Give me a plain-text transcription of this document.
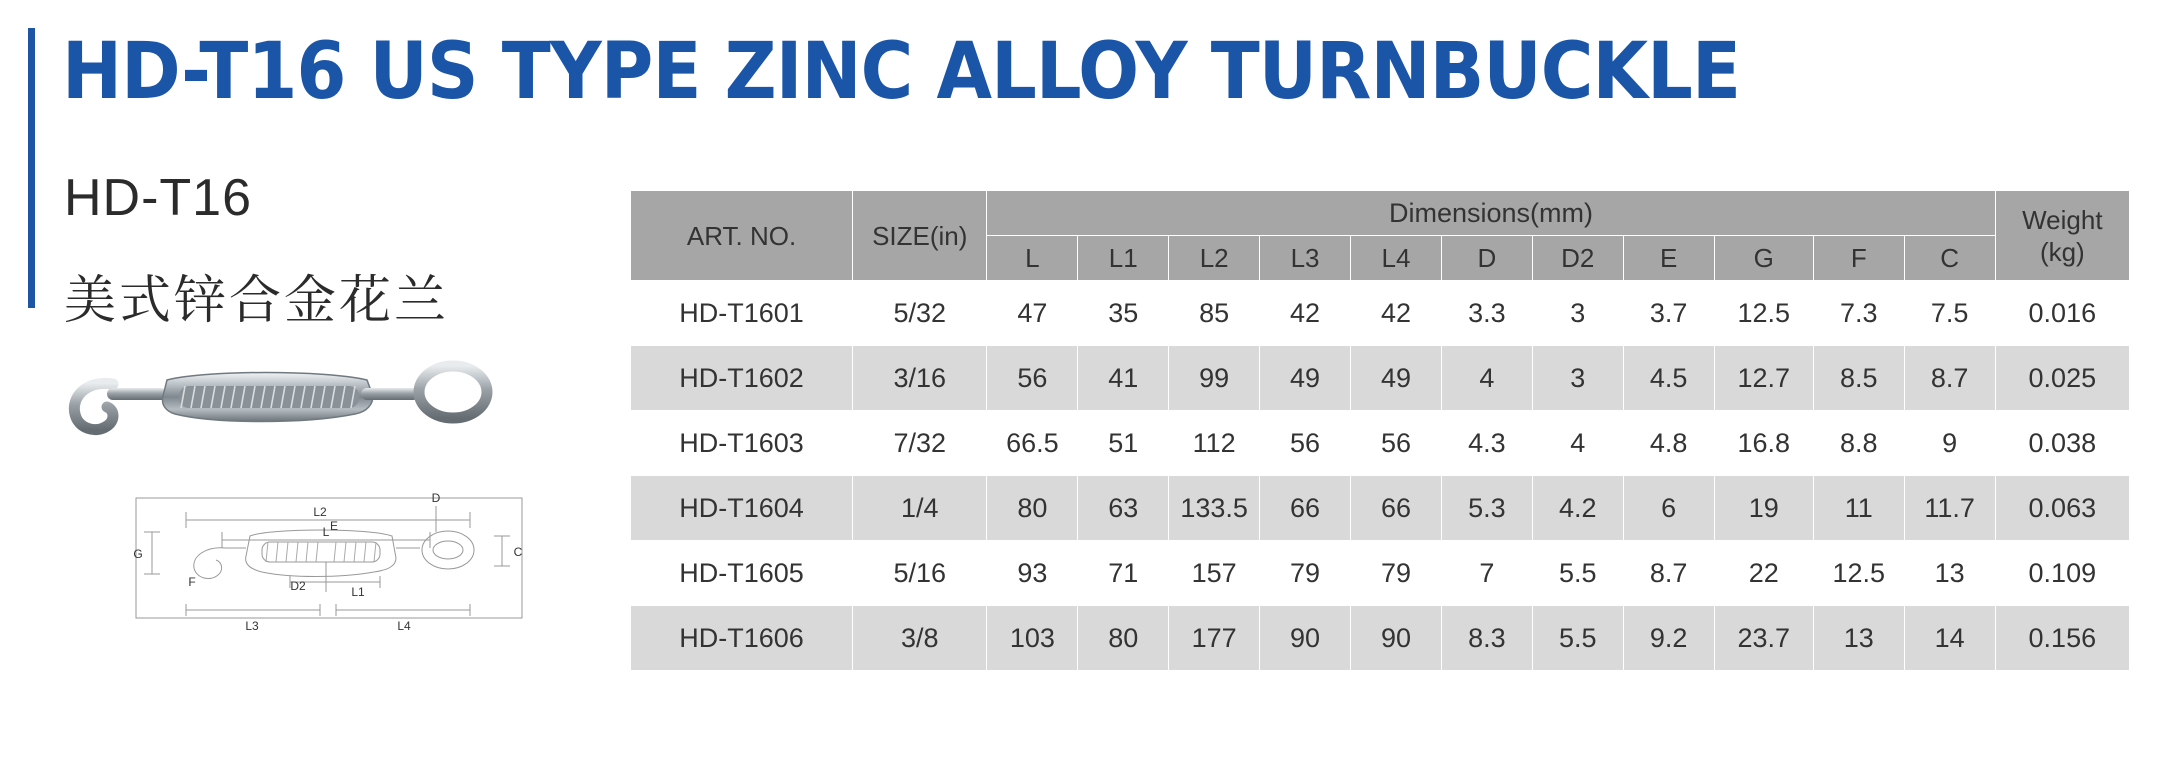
HD-T16 US TYPE ZINC ALLOY TURNBUCKLE
HD-T16
美式锌合金花兰
L2
L E
D
G
F	D2	L1
C
L3	L4
ART. NO.	SIZE(in)	Dimensions(mm)											Weight (kg)
		L	L1	L2	L3	L4	D	D2	E	G	F	C	
HD-T1601	5/32	47	35	85	42	42	3.3	3	3.7	12.5	7.3	7.5	0.016
HD-T1602	3/16	56	41	99	49	49	4	3	4.5	12.7	8.5	8.7	0.025
HD-T1603	7/32	66.5	51	112	56	56	4.3	4	4.8	16.8	8.8	9	0.038
HD-T1604	1/4	80	63	133.5	66	66	5.3	4.2	6	19	11	11.7	0.063
HD-T1605	5/16	93	71	157	79	79	7	5.5	8.7	22	12.5	13	0.109
HD-T1606	3/8	103	80	177	90	90	8.3	5.5	9.2	23.7	13	14	0.156
